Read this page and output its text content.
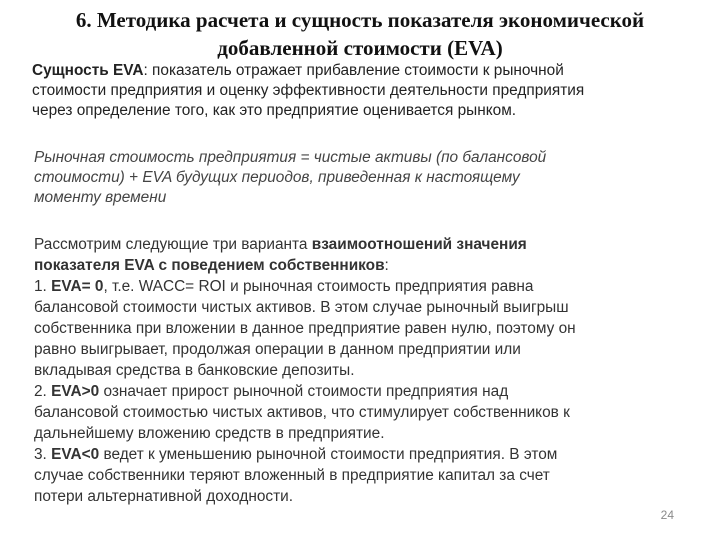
6. Методика расчета и сущность показателя экономической
добавленной стоимости (EVA)
Сущность EVA: показатель отражает прибавление стоимости к рыночной
стоимости предприятия и оценку эффективности деятельности предприятия
через определение того, как это предприятие оценивается рынком.
Рыночная стоимость предприятия = чистые активы (по балансовой
стоимости) + EVA будущих периодов, приведенная к настоящему
моменту времени
Рассмотрим следующие три варианта взаимоотношений значения
показателя EVA с поведением собственников:
1. EVA= 0, т.е. WACC= ROI и рыночная стоимость предприятия равна
балансовой стоимости чистых активов. В этом случае рыночный выигрыш
собственника при вложении в данное предприятие равен нулю, поэтому он
равно выигрывает, продолжая операции в данном предприятии или
вкладывая средства в банковские депозиты.
2. EVA>0 означает прирост рыночной стоимости предприятия над
балансовой стоимостью чистых активов, что стимулирует собственников к
дальнейшему вложению средств в предприятие.
3. EVA<0 ведет к уменьшению рыночной стоимости предприятия. В этом
случае собственники теряют вложенный в предприятие капитал за счет
потери альтернативной доходности.
24
